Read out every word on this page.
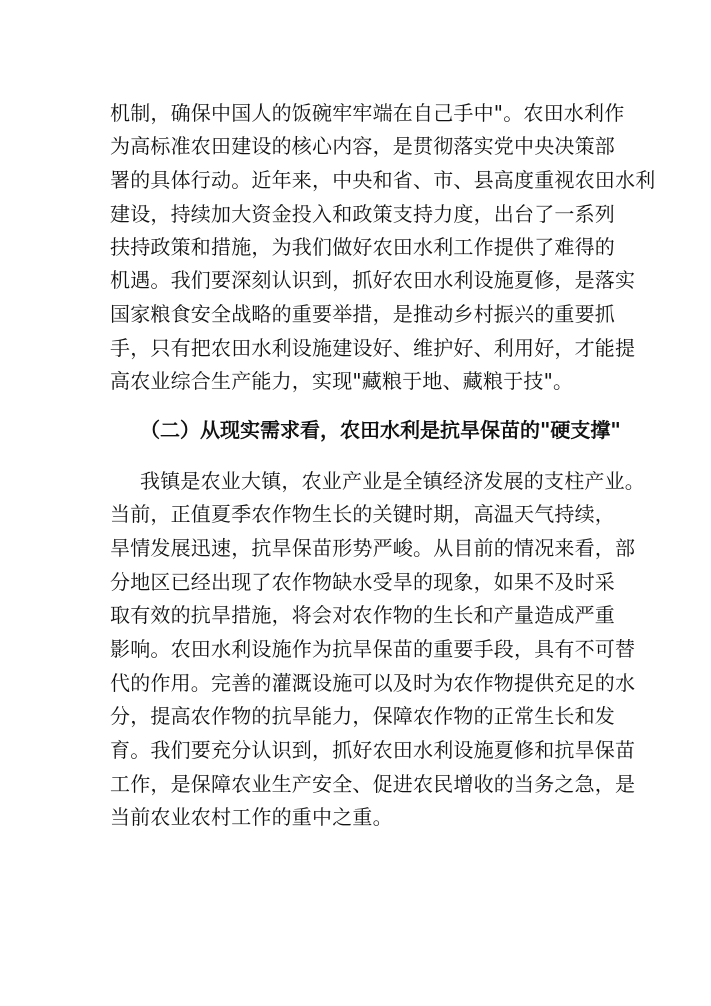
机制，确保中国人的饭碗牢牢端在自己手中"。农田水利作
为高标准农田建设的核心内容，是贯彻落实党中央决策部
署的具体行动。近年来，中央和省、市、县高度重视农田水利
建设，持续加大资金投入和政策支持力度，出台了一系列
扶持政策和措施，为我们做好农田水利工作提供了难得的
机遇。我们要深刻认识到，抓好农田水利设施夏修，是落实
国家粮食安全战略的重要举措，是推动乡村振兴的重要抓
手，只有把农田水利设施建设好、维护好、利用好，才能提
高农业综合生产能力，实现"藏粮于地、藏粮于技"。
（二）从现实需求看，农田水利是抗旱保苗的"硬支撑"
我镇是农业大镇，农业产业是全镇经济发展的支柱产业。
当前，正值夏季农作物生长的关键时期，高温天气持续，
旱情发展迅速，抗旱保苗形势严峻。从目前的情况来看，部
分地区已经出现了农作物缺水受旱的现象，如果不及时采
取有效的抗旱措施，将会对农作物的生长和产量造成严重
影响。农田水利设施作为抗旱保苗的重要手段，具有不可替
代的作用。完善的灌溉设施可以及时为农作物提供充足的水
分，提高农作物的抗旱能力，保障农作物的正常生长和发
育。我们要充分认识到，抓好农田水利设施夏修和抗旱保苗
工作，是保障农业生产安全、促进农民增收的当务之急，是
当前农业农村工作的重中之重。
